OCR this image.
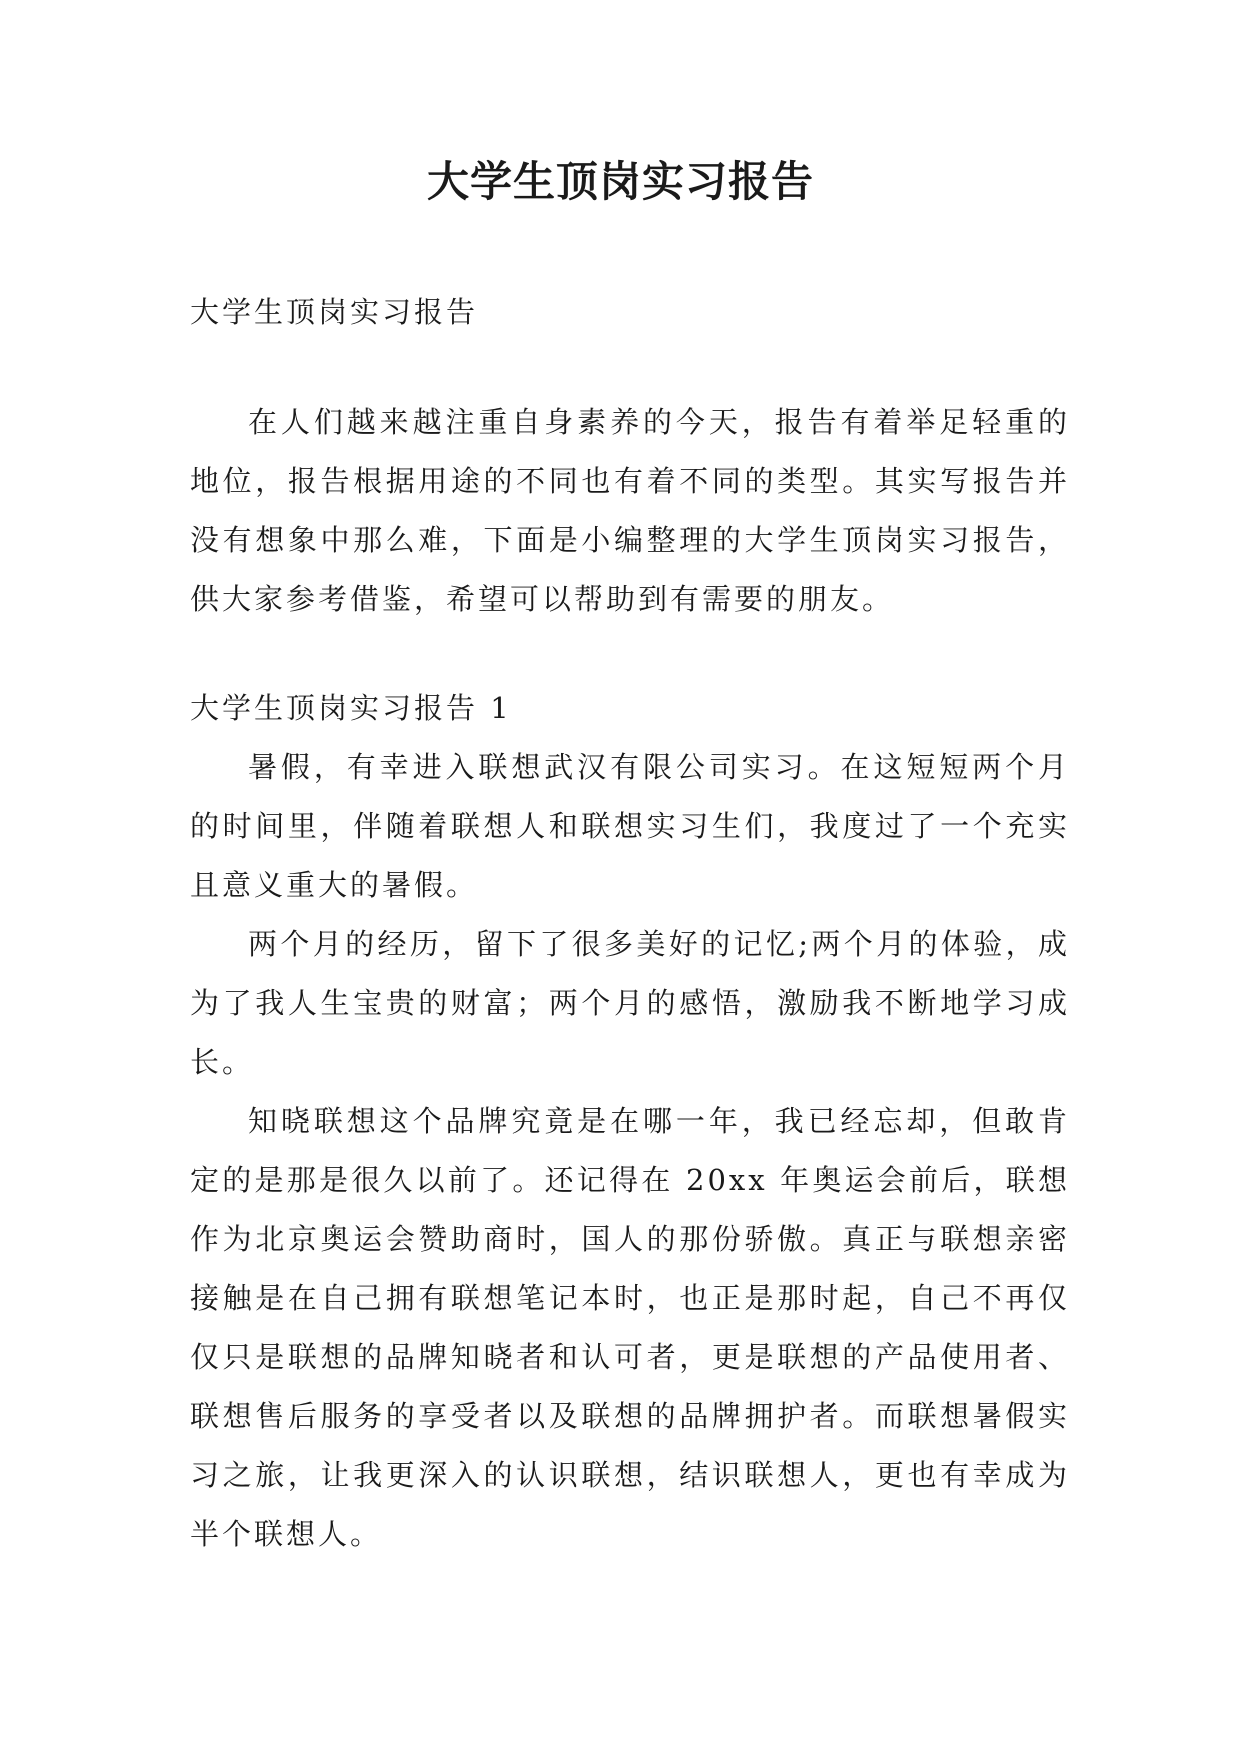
大学生顶岗实习报告

大学生顶岗实习报告

在人们越来越注重自身素养的今天，报告有着举足轻重的地位，报告根据用途的不同也有着不同的类型。其实写报告并没有想象中那么难，下面是小编整理的大学生顶岗实习报告，供大家参考借鉴，希望可以帮助到有需要的朋友。

大学生顶岗实习报告 1

暑假，有幸进入联想武汉有限公司实习。在这短短两个月的时间里，伴随着联想人和联想实习生们，我度过了一个充实且意义重大的暑假。

两个月的经历，留下了很多美好的记忆;两个月的体验，成为了我人生宝贵的财富；两个月的感悟，激励我不断地学习成长。

知晓联想这个品牌究竟是在哪一年，我已经忘却，但敢肯定的是那是很久以前了。还记得在 20xx 年奥运会前后，联想作为北京奥运会赞助商时，国人的那份骄傲。真正与联想亲密接触是在自己拥有联想笔记本时，也正是那时起，自己不再仅仅只是联想的品牌知晓者和认可者，更是联想的产品使用者、联想售后服务的享受者以及联想的品牌拥护者。而联想暑假实习之旅，让我更深入的认识联想，结识联想人，更也有幸成为半个联想人。
